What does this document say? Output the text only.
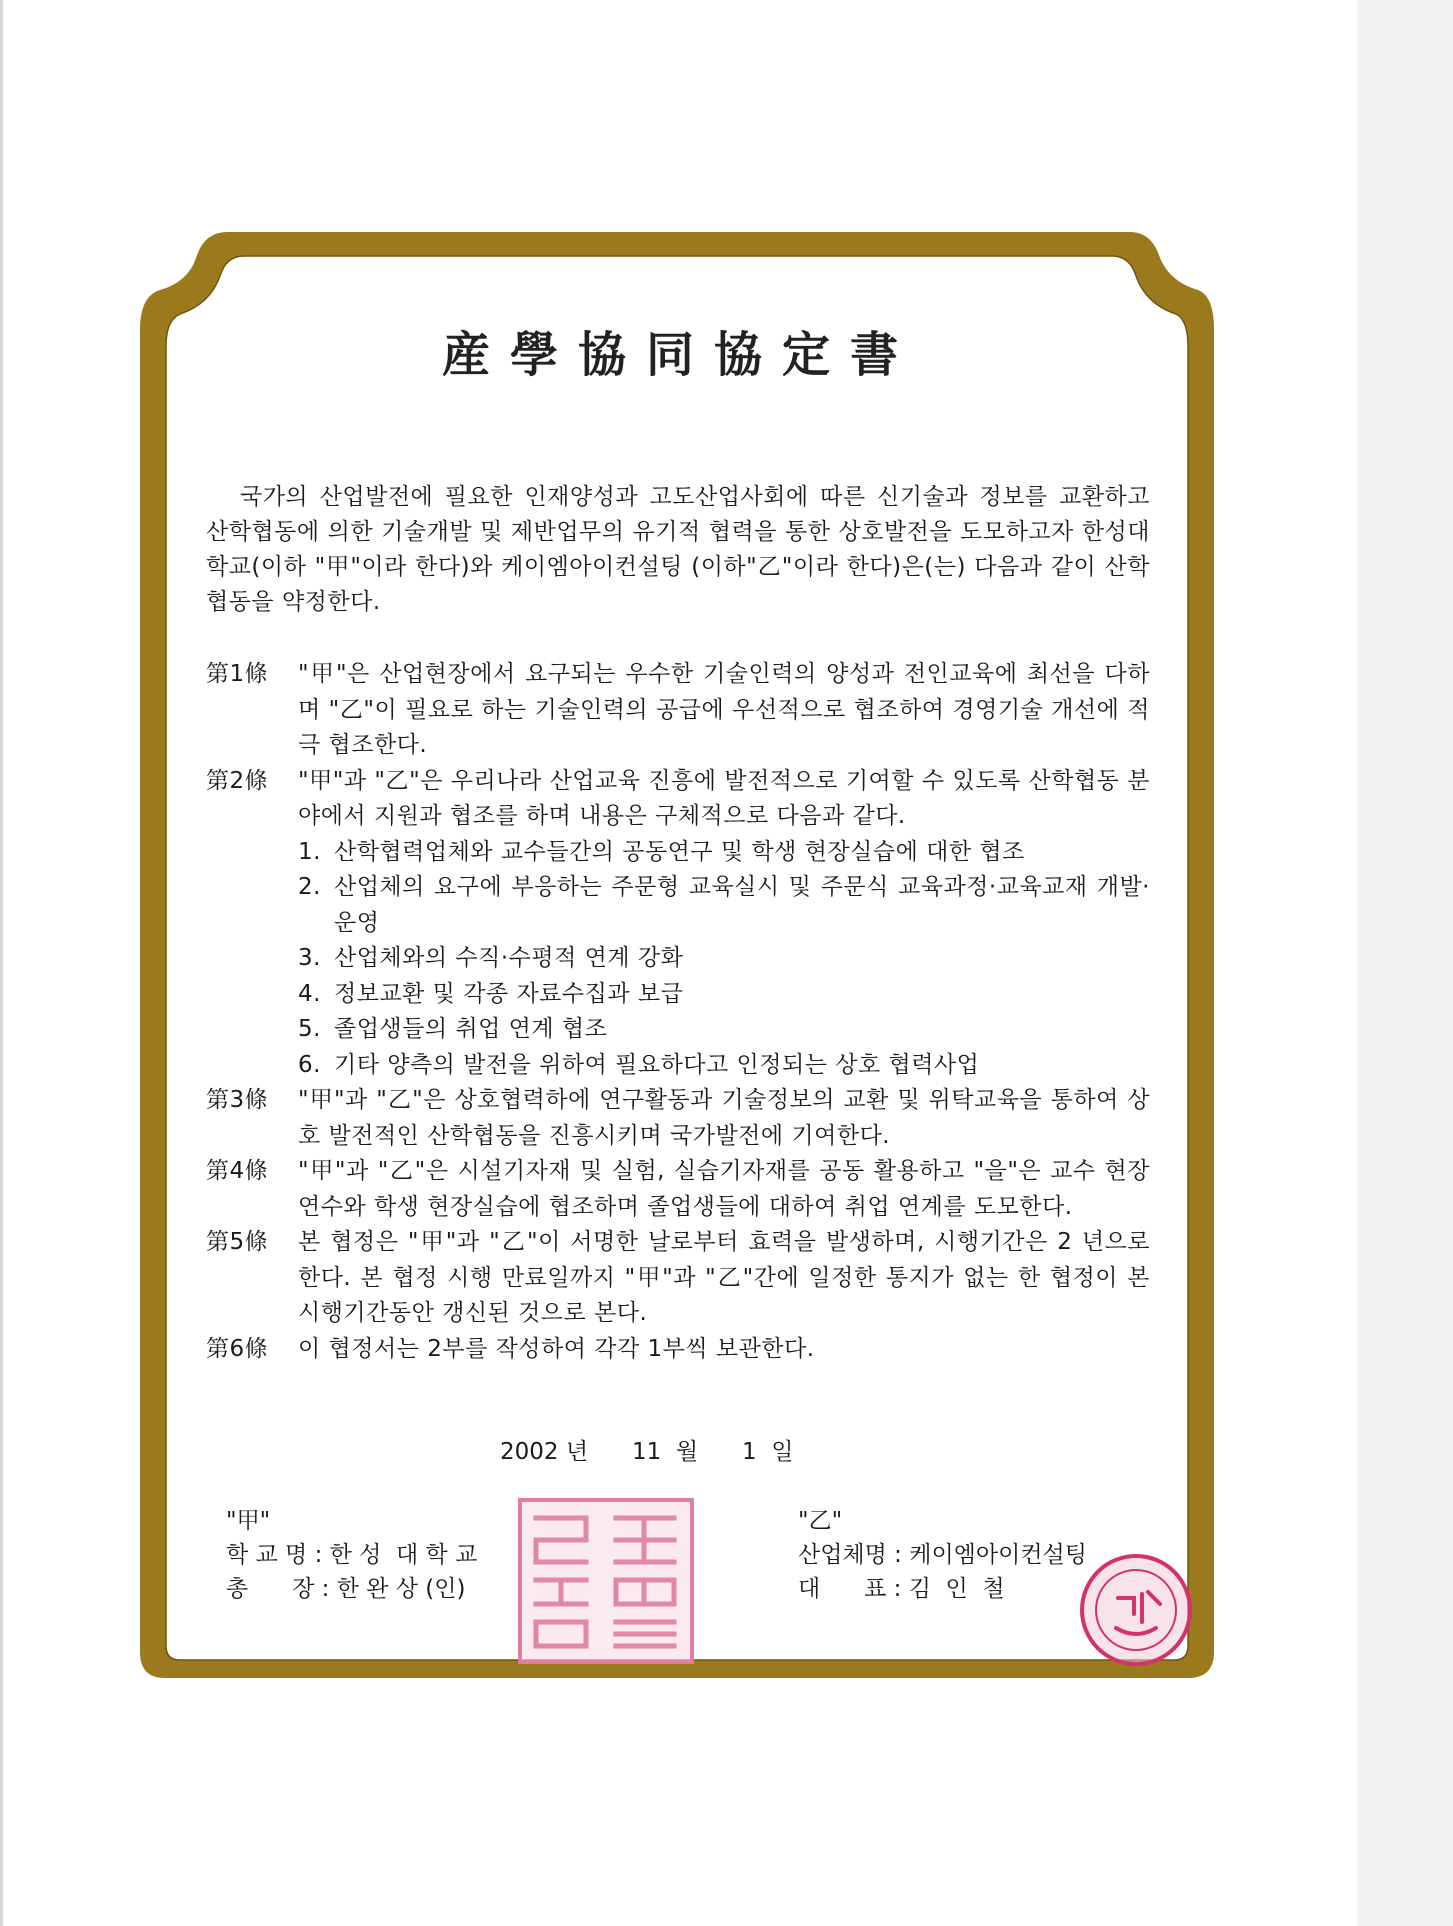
産學協同協定書
국가의 산업발전에 필요한 인재양성과 고도산업사회에 따른 신기술과 정보를 교환하고 산학협동에 의한 기술개발 및 제반업무의 유기적 협력을 통한 상호발전을 도모하고자 한성대학교(이하 "甲"이라 한다)와 케이엠아이컨설팅 (이하"乙"이라 한다)은(는) 다음과 같이 산학협동을 약정한다.
第1條	"甲"은 산업현장에서 요구되는 우수한 기술인력의 양성과 전인교육에 최선을 다하며 "乙"이 필요로 하는 기술인력의 공급에 우선적으로 협조하여 경영기술 개선에 적극 협조한다.
第2條	"甲"과 "乙"은 우리나라 산업교육 진흥에 발전적으로 기여할 수 있도록 산학협동 분야에서 지원과 협조를 하며 내용은 구체적으로 다음과 같다.
1. 산학협력업체와 교수들간의 공동연구 및 학생 현장실습에 대한 협조
2. 산업체의 요구에 부응하는 주문형 교육실시 및 주문식 교육과정·교육교재 개발·운영
3. 산업체와의 수직·수평적 연계 강화
4. 정보교환 및 각종 자료수집과 보급
5. 졸업생들의 취업 연계 협조
6. 기타 양측의 발전을 위하여 필요하다고 인정되는 상호 협력사업
第3條	"甲"과 "乙"은 상호협력하에 연구활동과 기술정보의 교환 및 위탁교육을 통하여 상호 발전적인 산학협동을 진흥시키며 국가발전에 기여한다.
第4條	"甲"과 "乙"은 시설기자재 및 실험, 실습기자재를 공동 활용하고 "을"은 교수 현장연수와 학생 현장실습에 협조하며 졸업생들에 대하여 취업 연계를 도모한다.
第5條	본 협정은 "甲"과 "乙"이 서명한 날로부터 효력을 발생하며, 시행기간은 2 년으로 한다. 본 협정 시행 만료일까지 "甲"과 "乙"간에 일정한 통지가 없는 한 협정이 본 시행기간동안 갱신된 것으로 본다.
第6條	이 협정서는 2부를 작성하여 각각 1부씩 보관한다.
2002 년 11 월 1 일
"甲"
학 교 명 : 한 성  대 학 교
총      장 : 한 완 상 (인)
"乙"
산업체명 : 케이엠아이컨설팅
대      표 : 김  인  철
